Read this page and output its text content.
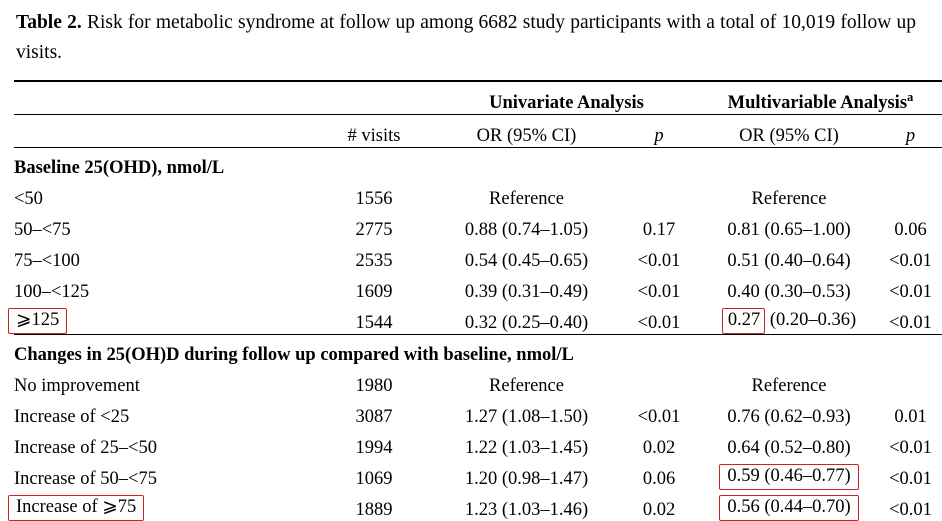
Table 2. Risk for metabolic syndrome at follow up among 6682 study participants with a total of 10,019 follow up visits.

		Univariate Analysis		Multivariable Analysis$^a$
	# visits	OR (95% CI)	p	OR (95% CI)	p
Baseline 25(OHD), nmol/L					
<50	1556	Reference		Reference	
50–<75	2775	0.88 (0.74–1.05)	0.17	0.81 (0.65–1.00)	0.06
75–<100	2535	0.54 (0.45–0.65)	<0.01	0.51 (0.40–0.64)	<0.01
100–<125	1609	0.39 (0.31–0.49)	<0.01	0.40 (0.30–0.53)	<0.01
⩾125	1544	0.32 (0.25–0.40)	<0.01	0.27 (0.20–0.36)	<0.01
Changes in 25(OH)D during follow up compared with baseline, nmol/L					
No improvement	1980	Reference		Reference	
Increase of <25	3087	1.27 (1.08–1.50)	<0.01	0.76 (0.62–0.93)	0.01
Increase of 25–<50	1994	1.22 (1.03–1.45)	0.02	0.64 (0.52–0.80)	<0.01
Increase of 50–<75	1069	1.20 (0.98–1.47)	0.06	0.59 (0.46–0.77)	<0.01
Increase of ⩾75	1889	1.23 (1.03–1.46)	0.02	0.56 (0.44–0.70)	<0.01
